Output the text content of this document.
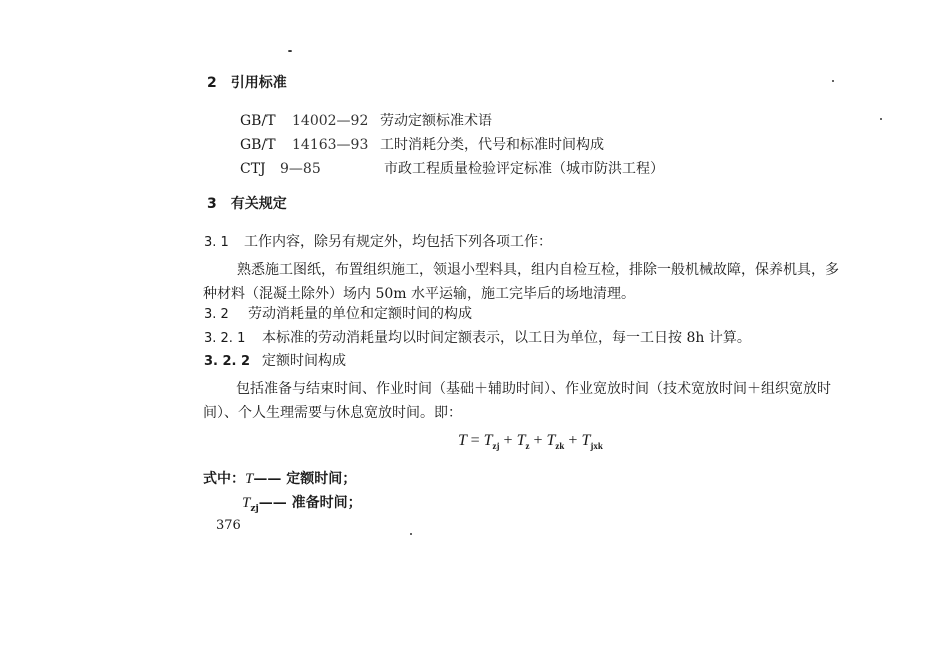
2　引用标准
GB/T 14002—92 劳动定额标准术语
GB/T 14163—93 工时消耗分类，代号和标准时间构成
CTJ 9—85	市政工程质量检验评定标准（城市防洪工程）
3　有关规定
3. 1 工作内容，除另有规定外，均包括下列各项工作：
熟悉施工图纸，布置组织施工，领退小型料具，组内自检互检，排除一般机械故障，保养机具，多
种材料（混凝土除外）场内 50m 水平运输，施工完毕后的场地清理。
3. 2 劳动消耗量的单位和定额时间的构成
3. 2. 1 本标准的劳动消耗量均以时间定额表示，以工日为单位，每一工日按 8h 计算。
3. 2. 2 定额时间构成
包括准备与结束时间、作业时间（基础＋辅助时间）、作业宽放时间（技术宽放时间＋组织宽放时
间）、个人生理需要与休息宽放时间。即：
$T = T_{zj} + T_z + T_{zk} + T_{jxk}$
式中：T—— 定额时间；
$T_{zj}——$ 准备时间；
376
